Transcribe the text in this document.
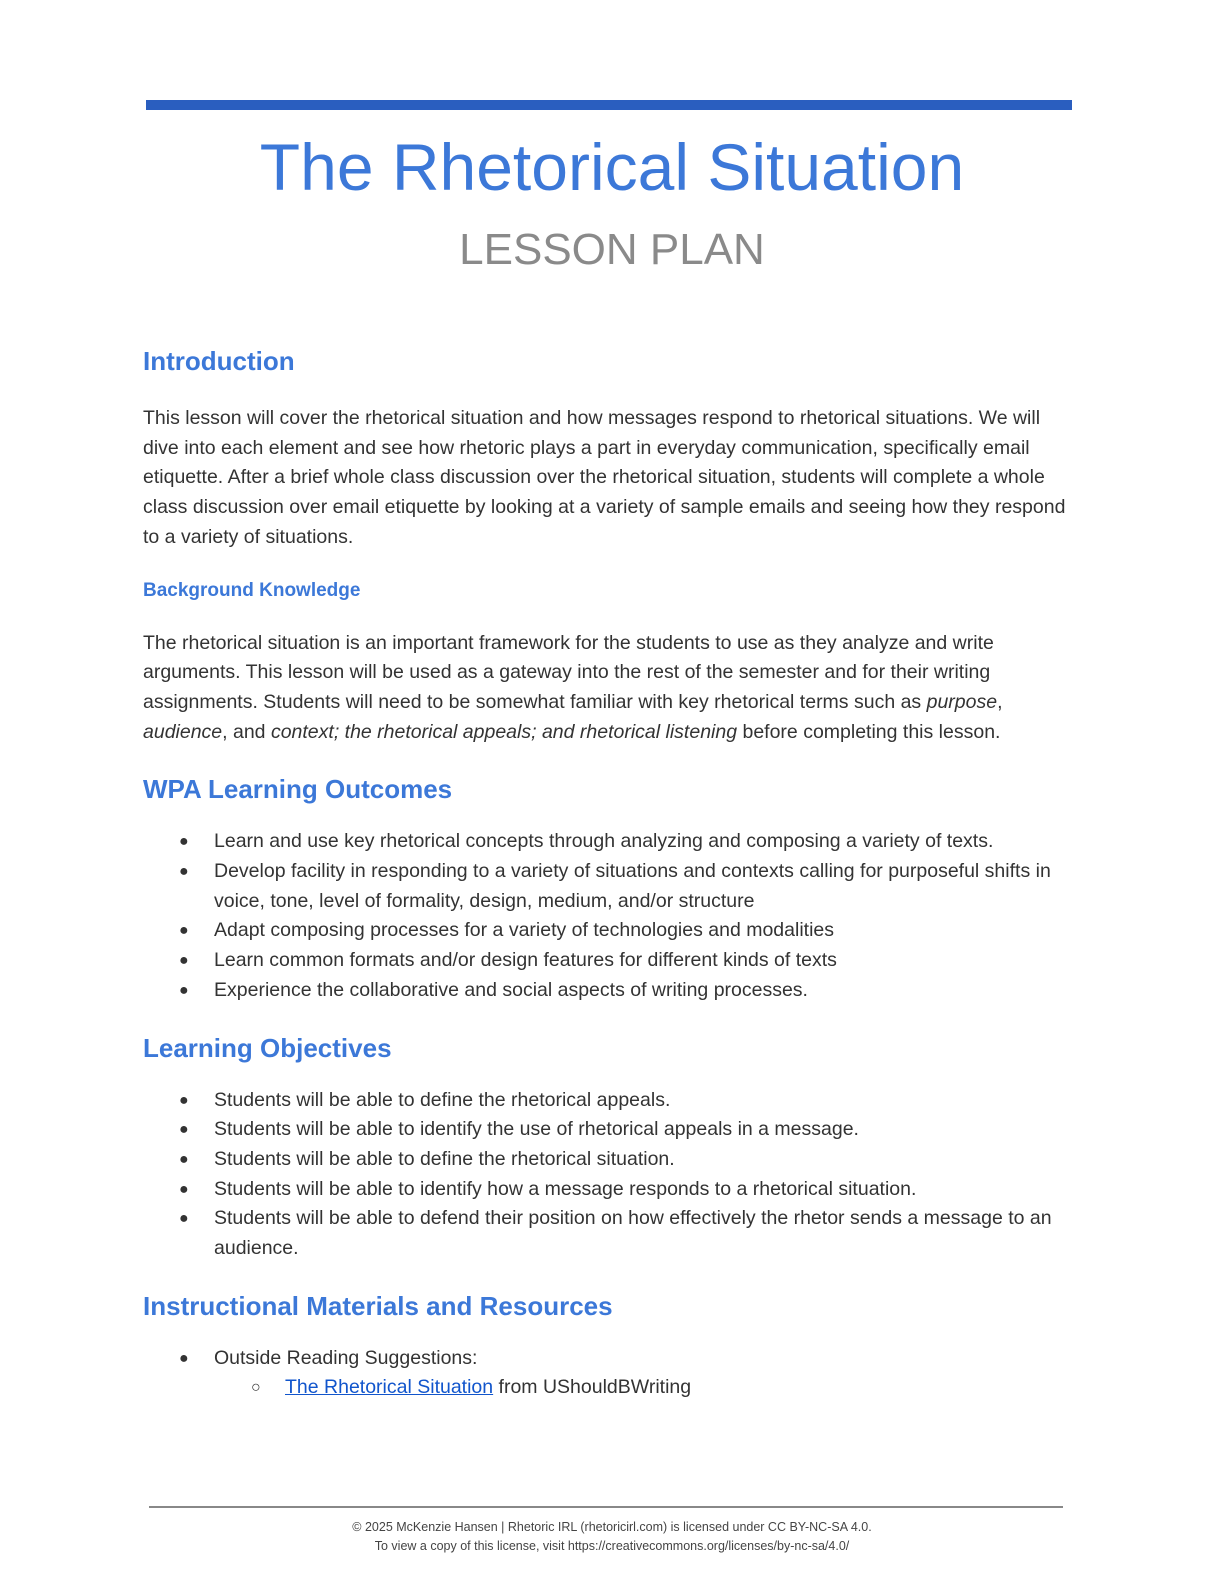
The Rhetorical Situation
LESSON PLAN
Introduction

This lesson will cover the rhetorical situation and how messages respond to rhetorical situations. We will dive into each element and see how rhetoric plays a part in everyday communication, specifically email etiquette. After a brief whole class discussion over the rhetorical situation, students will complete a whole class discussion over email etiquette by looking at a variety of sample emails and seeing how they respond to a variety of situations.

Background Knowledge

The rhetorical situation is an important framework for the students to use as they analyze and write arguments. This lesson will be used as a gateway into the rest of the semester and for their writing assignments. Students will need to be somewhat familiar with key rhetorical terms such as purpose, audience, and context; the rhetorical appeals; and rhetorical listening before completing this lesson.

WPA Learning Outcomes
● Learn and use key rhetorical concepts through analyzing and composing a variety of texts.
● Develop facility in responding to a variety of situations and contexts calling for purposeful shifts in voice, tone, level of formality, design, medium, and/or structure
● Adapt composing processes for a variety of technologies and modalities
● Learn common formats and/or design features for different kinds of texts
● Experience the collaborative and social aspects of writing processes.
Learning Objectives
● Students will be able to define the rhetorical appeals.
● Students will be able to identify the use of rhetorical appeals in a message.
● Students will be able to define the rhetorical situation.
● Students will be able to identify how a message responds to a rhetorical situation.
● Students will be able to defend their position on how effectively the rhetor sends a message to an audience.
Instructional Materials and Resources
● Outside Reading Suggestions:
○ The Rhetorical Situation from UShouldBWriting
© 2025 McKenzie Hansen | Rhetoric IRL (rhetoricirl.com) is licensed under CC BY-NC-SA 4.0.
To view a copy of this license, visit https://creativecommons.org/licenses/by-nc-sa/4.0/
